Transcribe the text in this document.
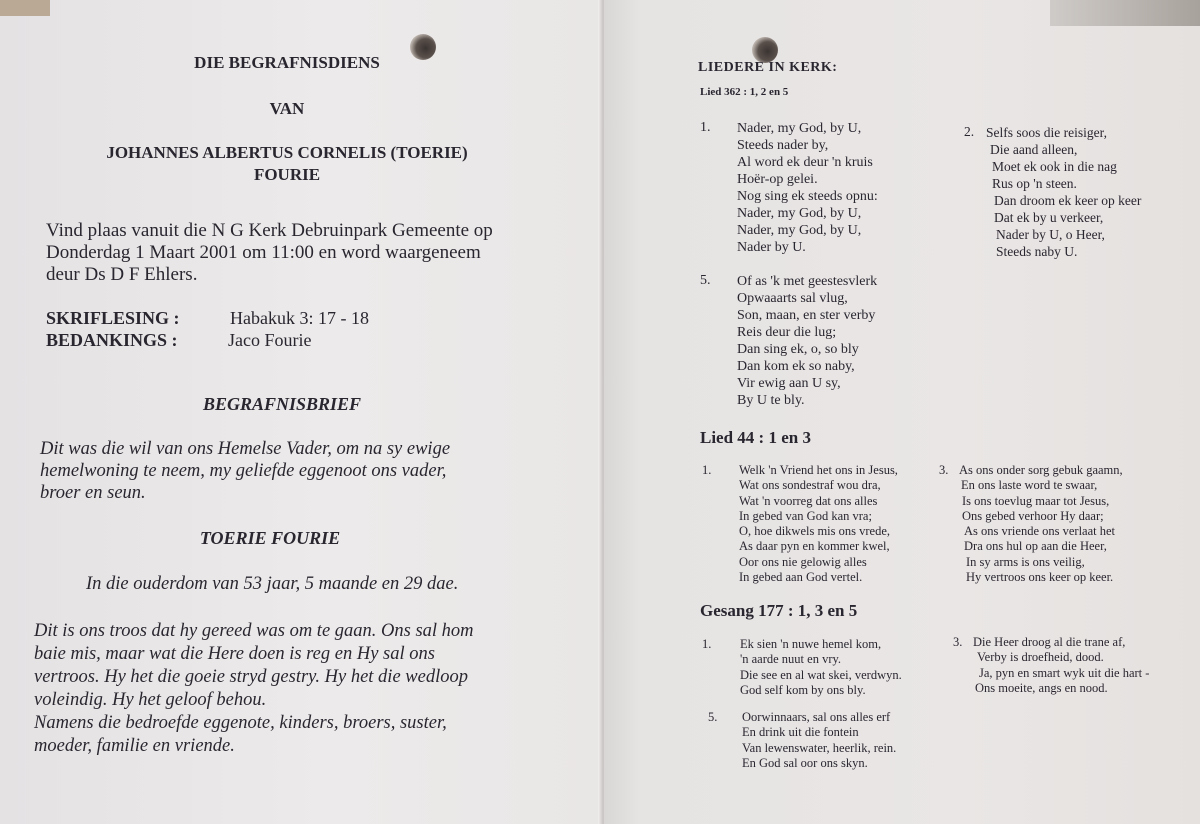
DIE BEGRAFNISDIENS
VAN
JOHANNES ALBERTUS CORNELIS (TOERIE)
FOURIE
Vind plaas vanuit die N G Kerk Debruinpark Gemeente op
Donderdag 1 Maart 2001 om 11:00 en word waargeneem
deur Ds D F Ehlers.
SKRIFLESING :	Habakuk 3: 17 - 18
BEDANKINGS :	Jaco Fourie
BEGRAFNISBRIEF
Dit was die wil van ons Hemelse Vader, om na sy ewige
hemelwoning te neem, my geliefde eggenoot ons vader,
broer en seun.
TOERIE FOURIE
In die ouderdom van 53 jaar, 5 maande en 29 dae.
Dit is ons troos dat hy gereed was om te gaan. Ons sal hom
baie mis, maar wat die Here doen is reg en Hy sal ons
vertroos. Hy het die goeie stryd gestry. Hy het die wedloop
voleindig. Hy het geloof behou.
Namens die bedroefde eggenote, kinders, broers, suster,
moeder, familie en vriende.
LIEDERE IN KERK:
Lied 362 : 1, 2 en 5
1. Nader, my God, by U,
Steeds nader by,
Al word ek deur 'n kruis
Hoër-op gelei.
Nog sing ek steeds opnu:
Nader, my God, by U,
Nader, my God, by U,
Nader by U.
2. Selfs soos die reisiger,
Die aand alleen,
Moet ek ook in die nag
Rus op 'n steen.
Dan droom ek keer op keer
Dat ek by u verkeer,
Nader by U, o Heer,
Steeds naby U.
5. Of as 'k met geestesvlerk
Opwaaarts sal vlug,
Son, maan, en ster verby
Reis deur die lug;
Dan sing ek, o, so bly
Dan kom ek so naby,
Vir ewig aan U sy,
By U te bly.
Lied 44 : 1 en 3
1. Welk 'n Vriend het ons in Jesus,
Wat ons sondestraf wou dra,
Wat 'n voorreg dat ons alles
In gebed van God kan vra;
O, hoe dikwels mis ons vrede,
As daar pyn en kommer kwel,
Oor ons nie gelowig alles
In gebed aan God vertel.
3. As ons onder sorg gebuk gaamn,
En ons laste word te swaar,
Is ons toevlug maar tot Jesus,
Ons gebed verhoor Hy daar;
As ons vriende ons verlaat het
Dra ons hul op aan die Heer,
In sy arms is ons veilig,
Hy vertroos ons keer op keer.
Gesang 177 : 1, 3 en 5
1. Ek sien 'n nuwe hemel kom,
'n aarde nuut en vry.
Die see en al wat skei, verdwyn.
God self kom by ons bly.
3. Die Heer droog al die trane af,
Verby is droefheid, dood.
Ja, pyn en smart wyk uit die hart -
Ons moeite, angs en nood.
5. Oorwinnaars, sal ons alles erf
En drink uit die fontein
Van lewenswater, heerlik, rein.
En God sal oor ons skyn.
